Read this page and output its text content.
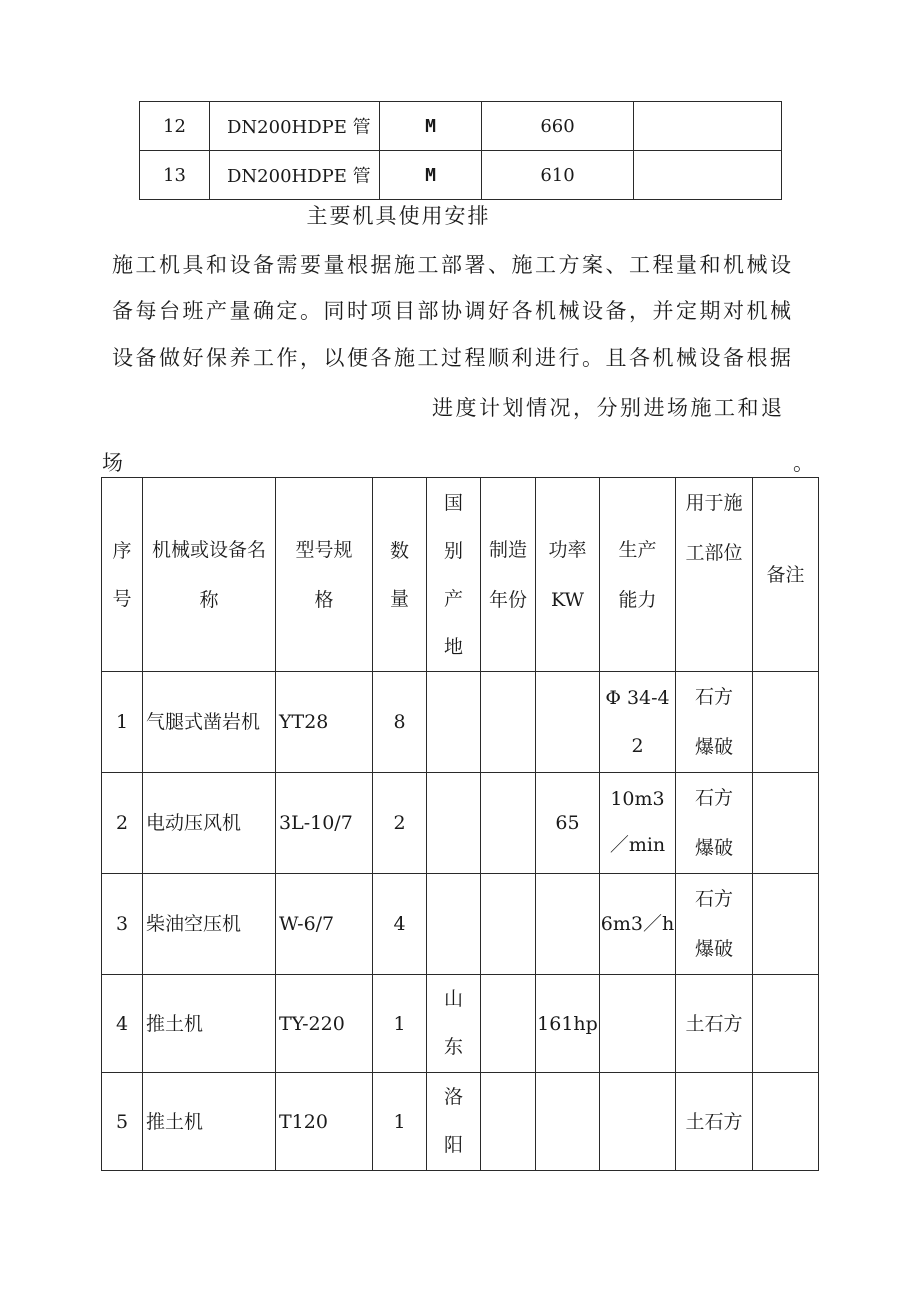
12	DN200HDPE 管	M	660	
13	DN200HDPE 管	M	610	
主要机具使用安排
施工机具和设备需要量根据施工部署、施工方案、工程量和机械设
备每台班产量确定。同时项目部协调好各机械设备，并定期对机械
设备做好保养工作，以便各施工过程顺利进行。且各机械设备根据
进度计划情况，分别进场施工和退
场	。
序号	机械或设备名称	型号规格	数量	国别产地	制造年份	功率KW	生产能力	用于施工部位	备注
1	气腿式凿岩机	YT28	8				Φ 34-42	石方爆破	
2	电动压风机	3L-10/7	2			65	10m3／min	石方爆破	
3	柴油空压机	W-6/7	4				6m3／h	石方爆破	
4	推土机	TY-220	1	山东		161hp		土石方	
5	推土机	T120	1	洛阳				土石方	
